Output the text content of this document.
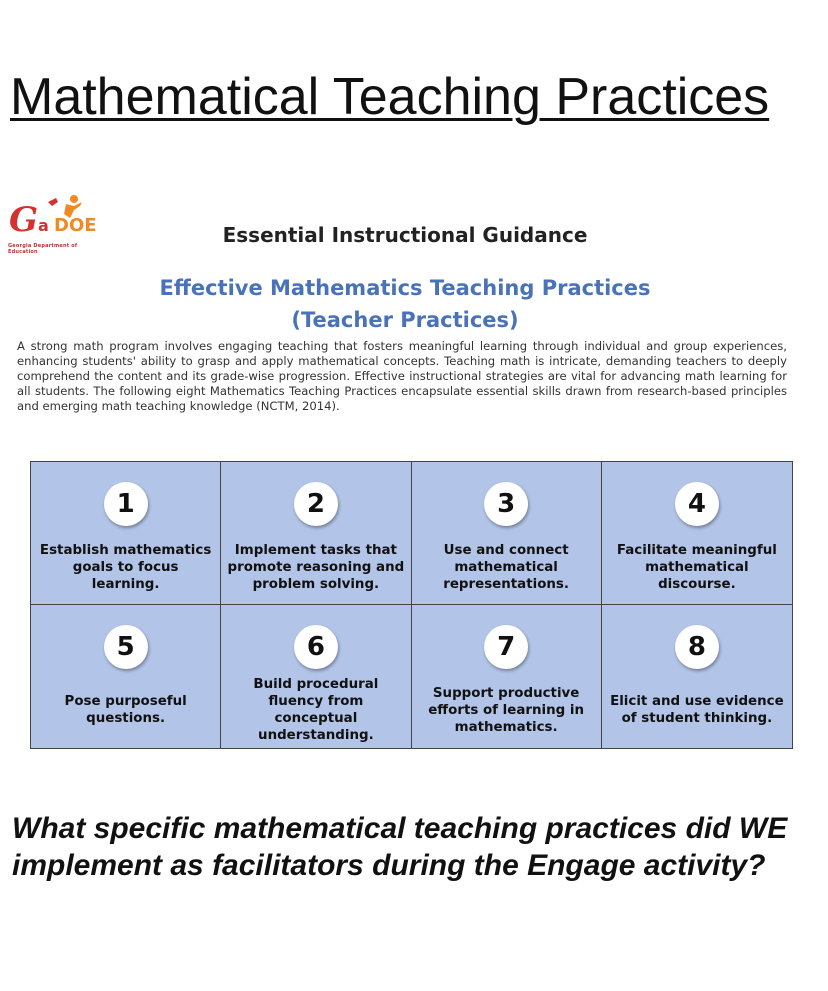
Mathematical Teaching Practices
G a DOE
Georgia Department of Education
Essential Instructional Guidance
Effective Mathematics Teaching Practices
(Teacher Practices)
A strong math program involves engaging teaching that fosters meaningful learning through individual and group experiences, enhancing students' ability to grasp and apply mathematical concepts. Teaching math is intricate, demanding teachers to deeply comprehend the content and its grade-wise progression. Effective instructional strategies are vital for advancing math learning for all students. The following eight Mathematics Teaching Practices encapsulate essential skills drawn from research-based principles and emerging math teaching knowledge (NCTM, 2014).
1
Establish mathematics goals to focus learning.
2
Implement tasks that promote reasoning and problem solving.
3
Use and connect mathematical representations.
4
Facilitate meaningful mathematical discourse.
5
Pose purposeful questions.
6
Build procedural fluency from conceptual understanding.
7
Support productive efforts of learning in mathematics.
8
Elicit and use evidence of student thinking.

What specific mathematical teaching practices did WE implement as facilitators during the Engage activity?
